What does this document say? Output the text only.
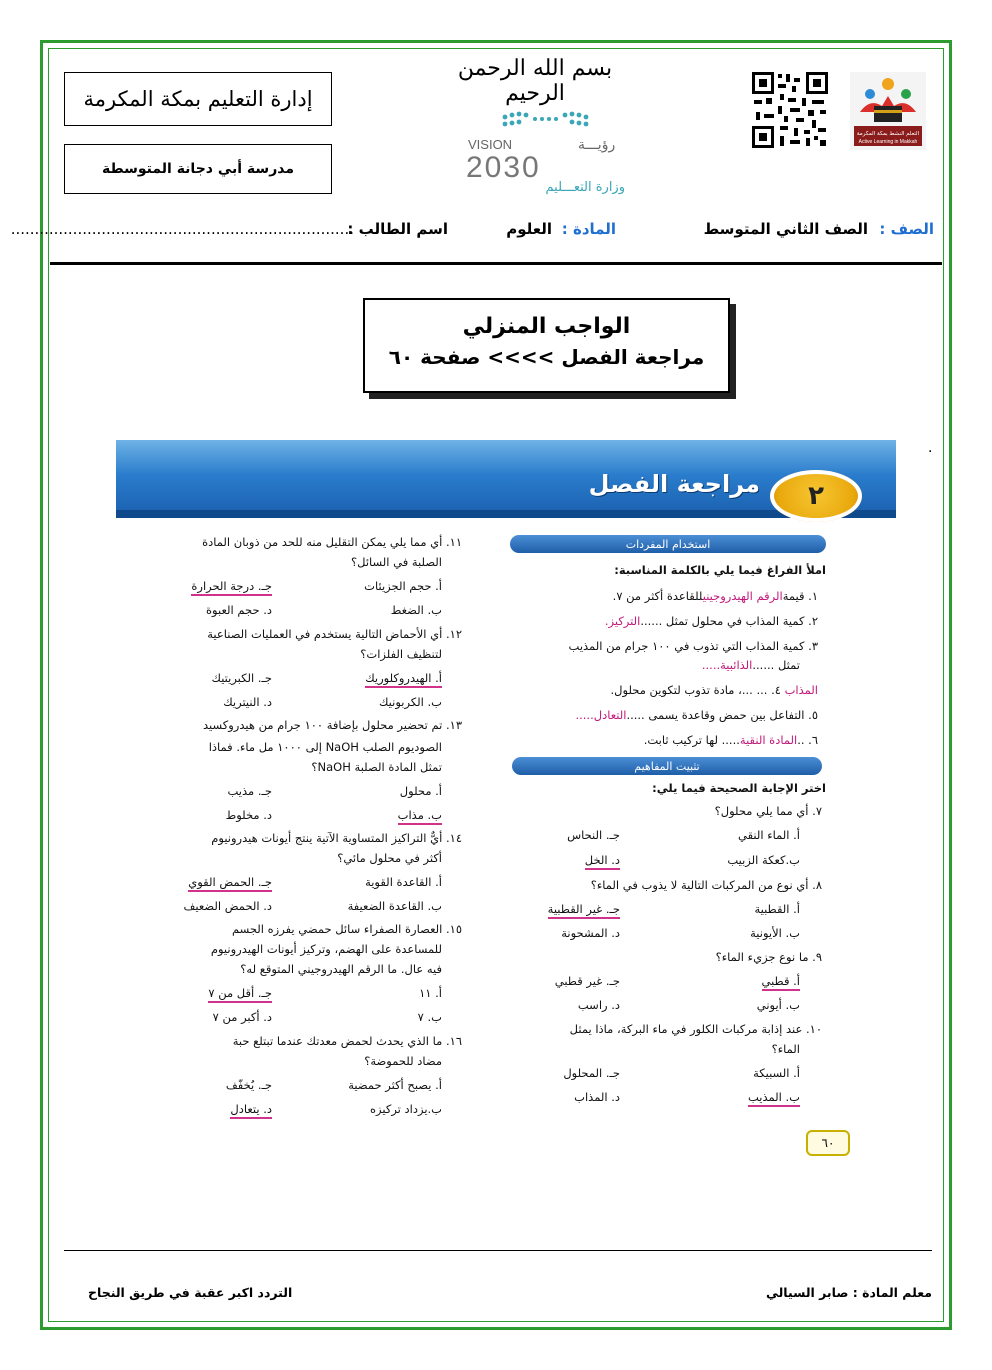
إدارة التعليم بمكة المكرمة
مدرسة أبي دجانة المتوسطة
بسم الله الرحمن الرحيم
VISION	رؤيـــة
2030
وزارة التعـــليم
التعلم النشط بمكة المكرمة
Active Learning in Makkah
الصف :
الصف الثاني المتوسط
المادة :
العلوم
اسم الطالب :
........................................................................
الواجب المنزلي
مراجعة الفصل >>>> صفحة ٦٠
.
مراجعة الفصل ٢
استخدام المفردات
املأ الفراغ فيما يلي بالكلمة المناسبة:
١. قيمةالرقم الهيدروجينيللقاعدة أكثر من ٧.
٢. كمية المذاب في محلول تمثل ......التركيز.
٣. كمية المذاب التي تذوب في ١٠٠ جرام من المذيب
تمثل ......الذائبية.....
المذاب ٤. ... ...، مادة تذوب لتكوين محلول.
٥. التفاعل بين حمض وقاعدة يسمى .....التعادل.....
٦. ..المادة النقية..... لها تركيب ثابت.
تثبيت المفاهيم
اختر الإجابة الصحيحة فيما يلي:
٧. أي مما يلي محلول؟
أ. الماء النقي
جـ. النحاس
ب.كعكة الزبيب
د. الخل
٨. أي نوع من المركبات التالية لا يذوب في الماء؟
أ. القطبية
جـ. غير القطبية
ب. الأيونية
د. المشحونة
٩. ما نوع جزيء الماء؟
أ. قطبي
جـ. غير قطبي
ب. أيوني
د. راسب
١٠. عند إذابة مركبات الكلور في ماء البركة، ماذا يمثل
الماء؟
أ. السبيكة
جـ. المحلول
ب. المذيب
د. المذاب
١١. أي مما يلي يمكن التقليل منه للحد من ذوبان المادة
الصلبة في السائل؟
أ. حجم الجزيئات
جـ. درجة الحرارة
ب. الضغط
د. حجم العبوة
١٢. أي الأحماض التالية يستخدم في العمليات الصناعية
لتنظيف الفلزات؟
أ. الهيدروكلوريك
جـ. الكبريتيك
ب. الكربونيك
د. النيتريك
١٣. تم تحضير محلول بإضافة ١٠٠ جرام من هيدروكسيد
الصوديوم الصلب NaOH إلى ١٠٠٠ مل ماء. فماذا
تمثل المادة الصلبة NaOH؟
أ. محلول
جـ. مذيب
ب. مذاب
د. مخلوط
١٤. أيٌّ التراكيز المتساوية الآتية ينتج أيونات هيدرونيوم
أكثر في محلول مائي؟
أ. القاعدة القوية
جـ. الحمض القوي
ب. القاعدة الضعيفة
د. الحمض الضعيف
١٥. العصارة الصفراء سائل حمضي يفرزه الجسم
للمساعدة على الهضم، وتركيز أيونات الهيدرونيوم
فيه عال. ما الرقم الهيدروجيني المتوقع له؟
أ. ١١
جـ. أقل من ٧
ب. ٧
د. أكبر من ٧
١٦. ما الذي يحدث لحمض معدتك عندما تبتلع حبة
مضاد للحموضة؟
أ. يصبح أكثر حمضية
جـ. يُخفّف
ب.يزداد تركيزه
د. يتعادل
٦٠
معلم المادة : صابر السيالي
التردد اكبر عقبة في طريق النجاح
